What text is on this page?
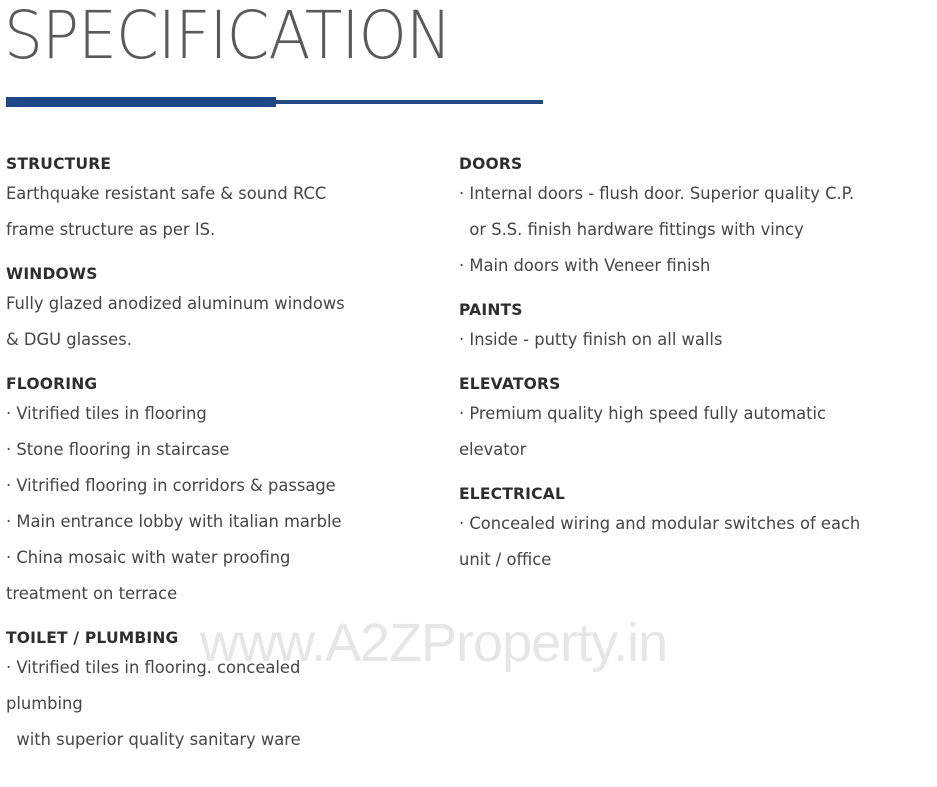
SPECIFICATION
www.A2ZProperty.in
STRUCTURE
Earthquake resistant safe & sound RCC
frame structure as per IS.
WINDOWS
Fully glazed anodized aluminum windows
& DGU glasses.
FLOORING
· Vitrified tiles in flooring
· Stone flooring in staircase
· Vitrified flooring in corridors & passage
· Main entrance lobby with italian marble
· China mosaic with water proofing
treatment on terrace
TOILET / PLUMBING
· Vitrified tiles in flooring. concealed
plumbing
with superior quality sanitary ware
DOORS
· Internal doors - flush door. Superior quality C.P.
or S.S. finish hardware fittings with vincy
· Main doors with Veneer finish
PAINTS
· Inside - putty finish on all walls
ELEVATORS
· Premium quality high speed fully automatic
elevator
ELECTRICAL
· Concealed wiring and modular switches of each
unit / office
